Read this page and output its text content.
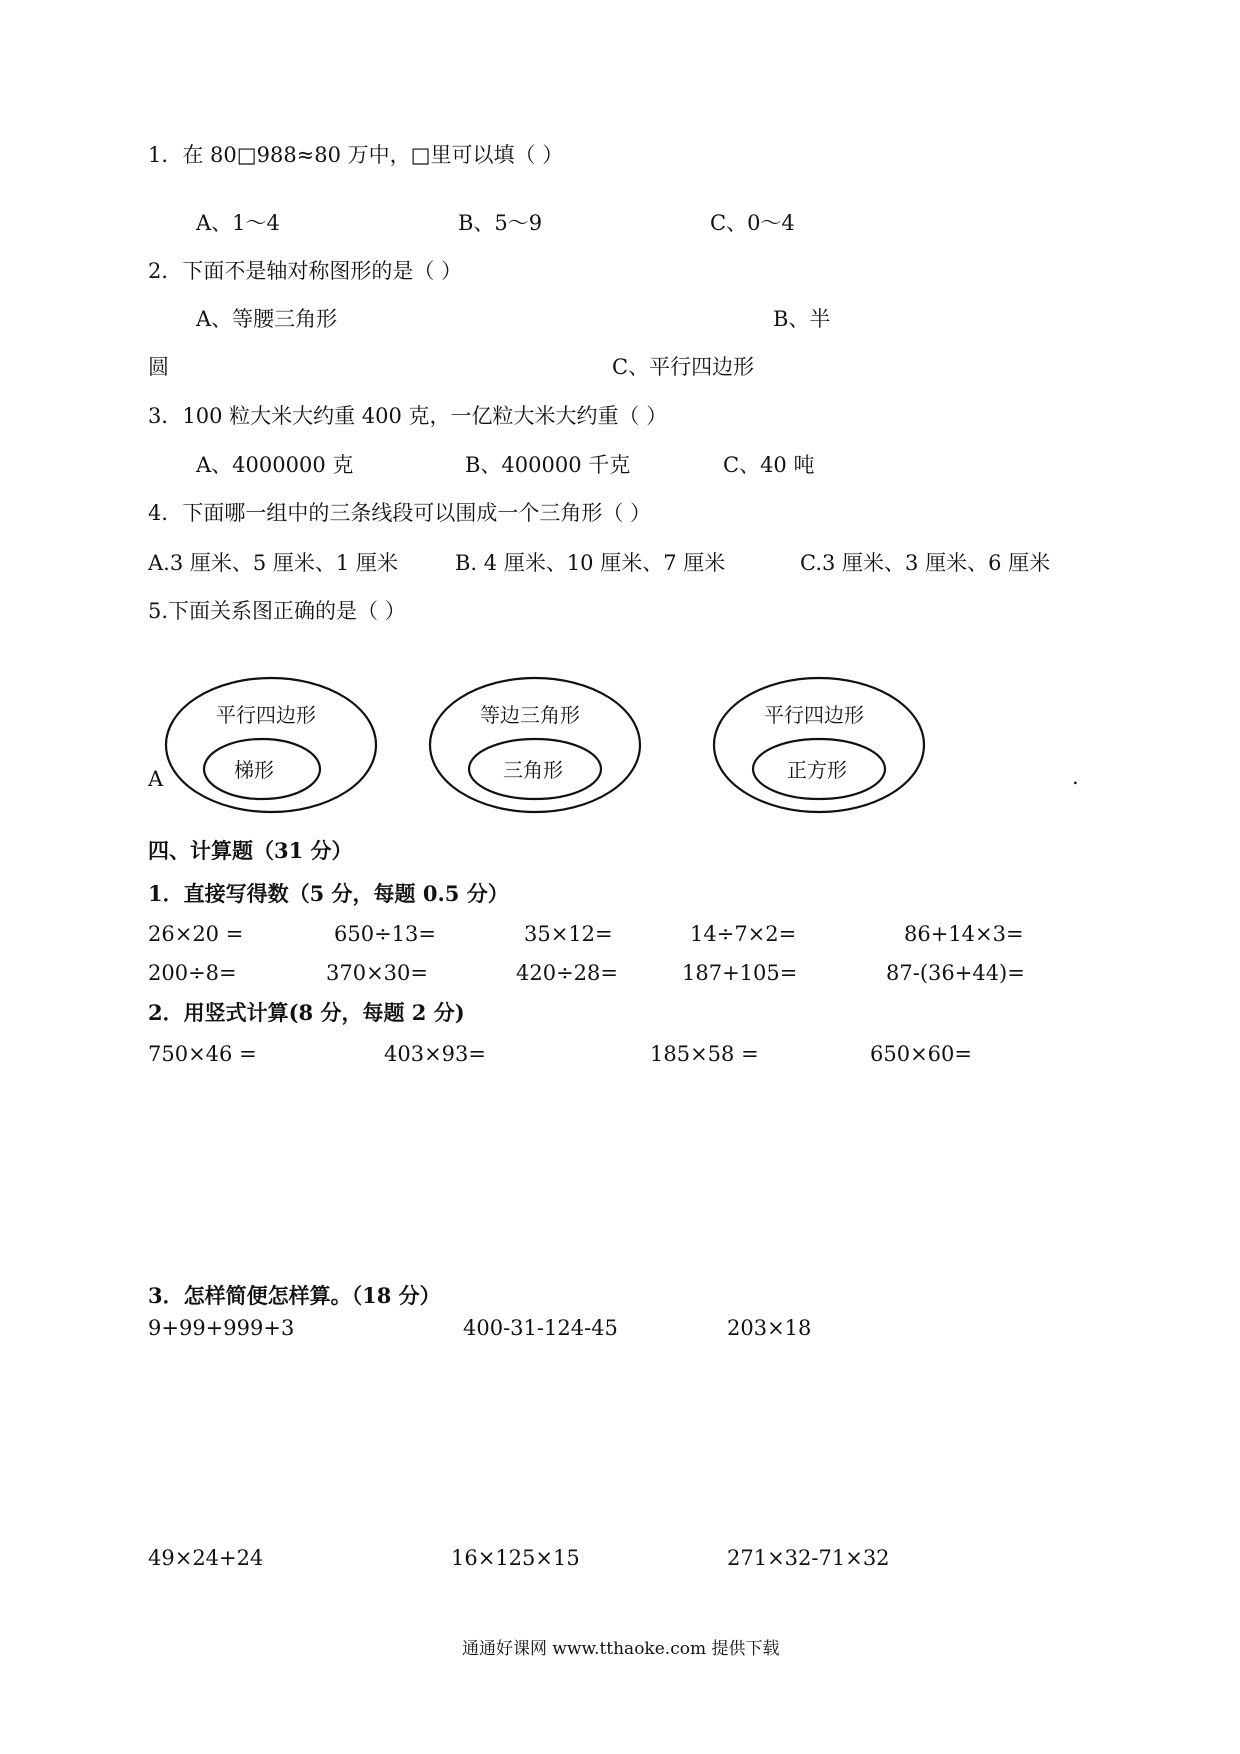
1．在 80□988≈80 万中，□里可以填（ ）
A、1～4	B、5～9	C、0～4
2．下面不是轴对称图形的是（ ）
A、等腰三角形	B、半
圆	C、平行四边形
3．100 粒大米大约重 400 克，一亿粒大米大约重（ ）
A、4000000 克	B、400000 千克	C、40 吨
4．下面哪一组中的三条线段可以围成一个三角形（ ）
A.3 厘米、5 厘米、1 厘米	B. 4 厘米、10 厘米、7 厘米	C.3 厘米、3 厘米、6 厘米
5.下面关系图正确的是（ ）
A	.
平行四边形
梯形
等边三角形
三角形
平行四边形
正方形
四、计算题（31 分）
1．直接写得数（5 分，每题 0.5 分）
26×20 =	650÷13=	35×12=	14÷7×2=	86+14×3=
200÷8=	370×30=	420÷28=	187+105=	87-(36+44)=
2．用竖式计算(8 分，每题 2 分)
750×46 =	403×93=	185×58 =	650×60=
3．怎样简便怎样算。（18 分）
9+99+999+3	400-31-124-45	203×18
49×24+24	16×125×15	271×32-71×32
通通好课网 www.tthaoke.com 提供下载
